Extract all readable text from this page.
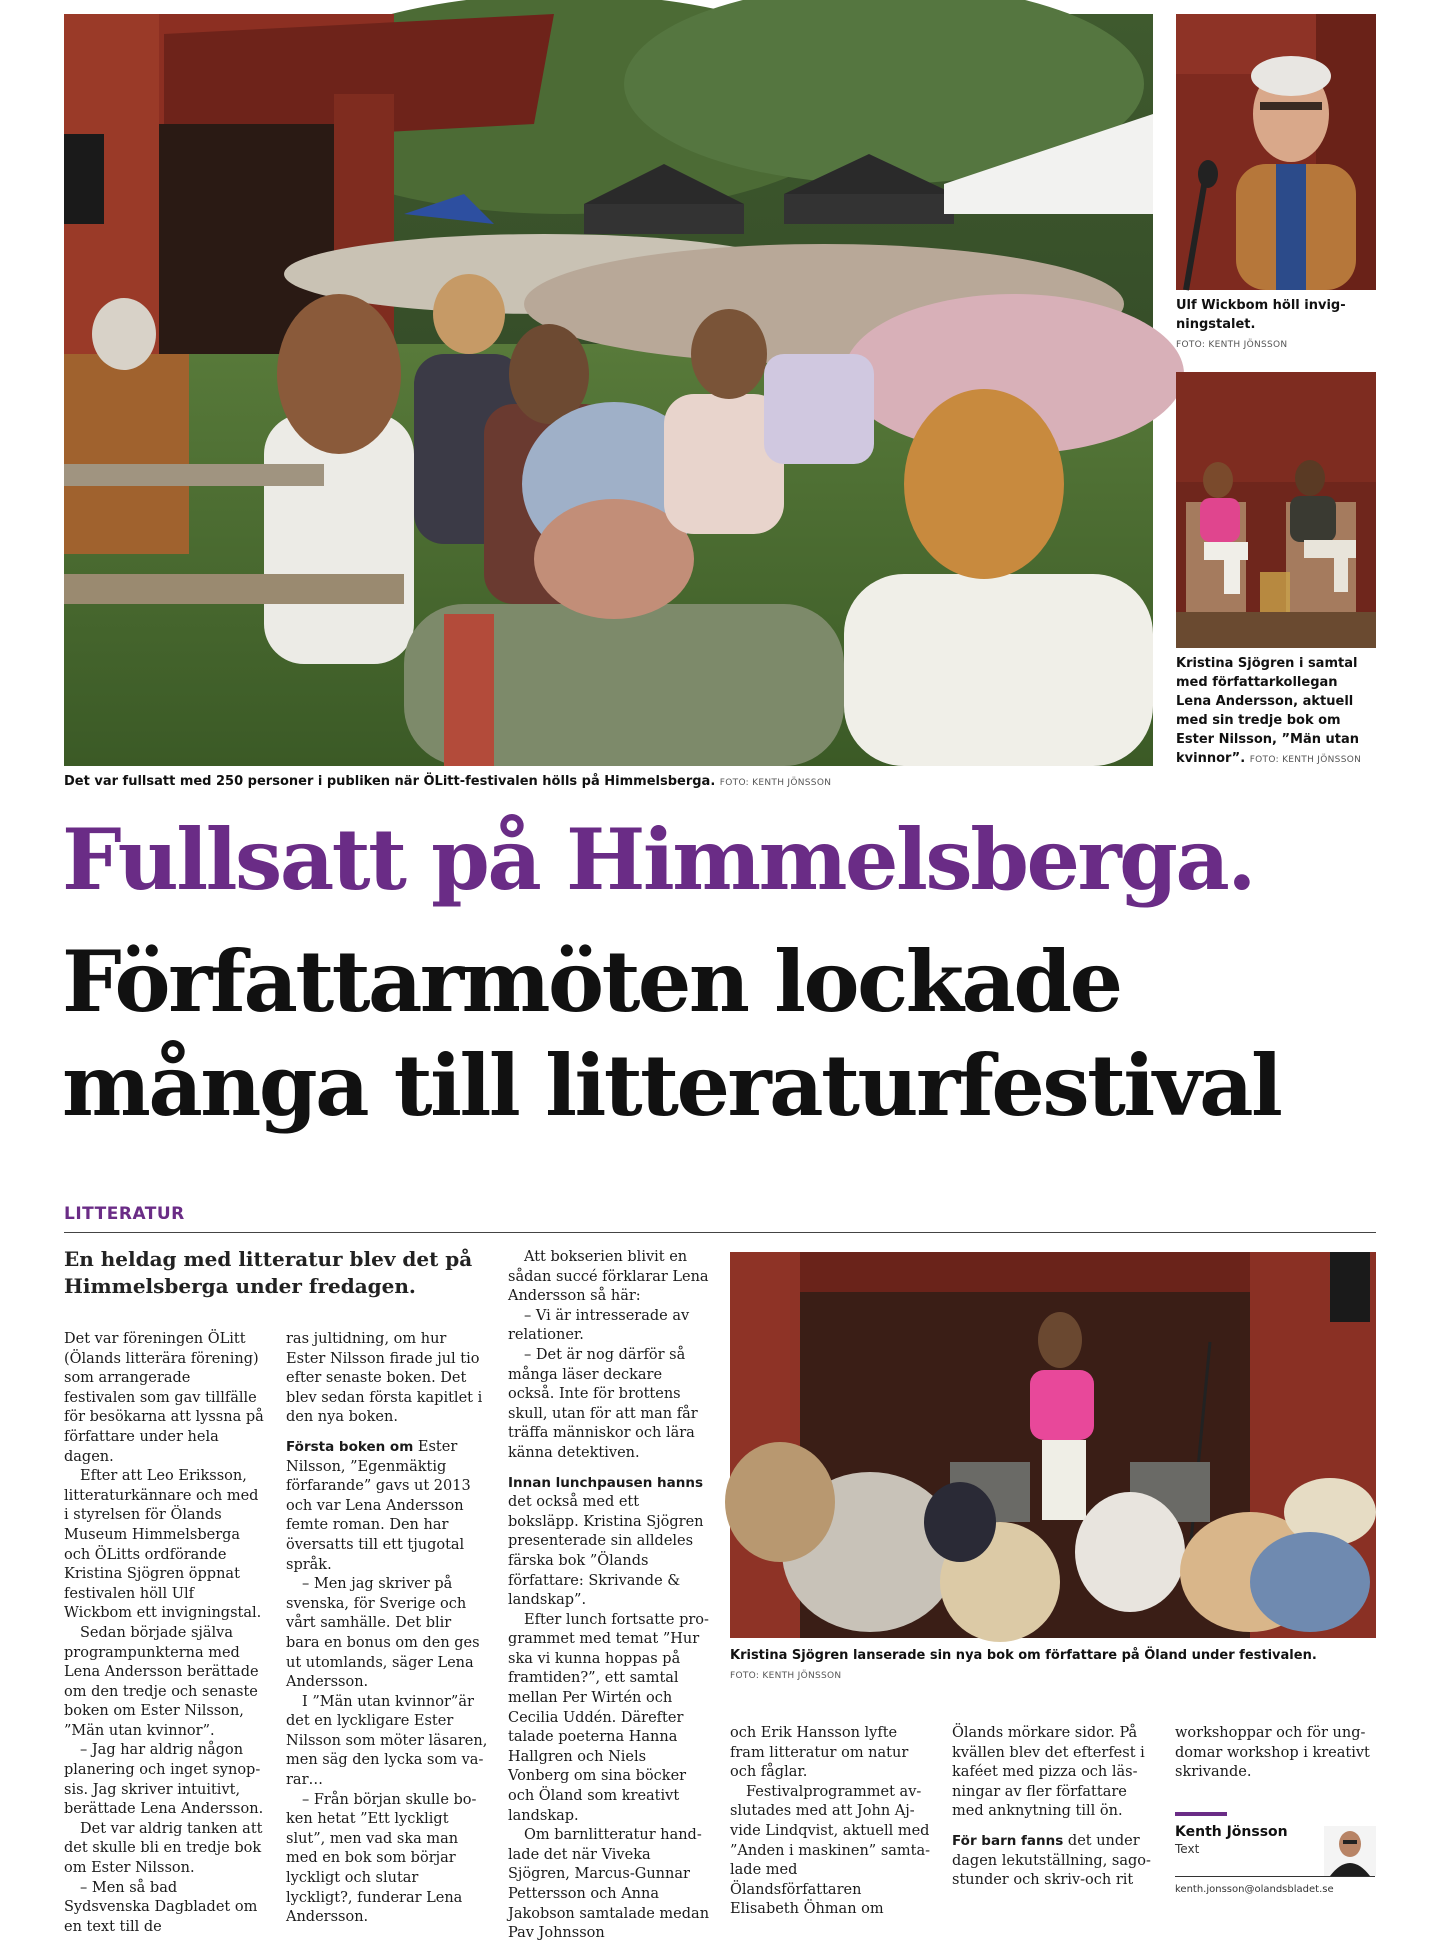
Ulf Wickbom höll invigningstalet.
FOTO: KENTH JÖNSSON
Kristina Sjögren i samtal med författarkollegan Lena Andersson, aktuell med sin tredje bok om Ester Nilsson, ”Män utan kvinnor”. FOTO: KENTH JÖNSSON
Det var fullsatt med 250 personer i publiken när ÖLitt-festivalen hölls på Himmelsberga. FOTO: KENTH JÖNSSON
Fullsatt på Himmelsberga.
Författarmöten lockade
många till litteraturfestival
LITTERATUR
En heldag med litteratur blev det på Himmelsberga under fredagen.

Det var föreningen ÖLitt (Ölands litterära förening) som arrangerade festivalen som gav tillfälle för besökarna att lyssna på författare under hela dagen.

Efter att Leo Eriksson, litteraturkännare och med i styrelsen för Ölands Museum Himmelsberga och ÖLitts ordförande Kristina Sjögren öppnat festivalen höll Ulf Wickbom ett invigningstal.

Sedan började själva programpunkterna med Lena Andersson berättade om den tredje och senaste boken om Ester Nilsson, ”Män utan kvinnor”.

– Jag har aldrig någon planering och inget synopsis. Jag skriver intuitivt, berättade Lena Andersson.

Det var aldrig tanken att det skulle bli en tredje bok om Ester Nilsson.

– Men så bad Sydsvenska Dagbladet om en text till de

ras jultidning, om hur Ester Nilsson firade jul tio efter senaste boken. Det blev sedan första kapitlet i den nya boken.

Första boken om Ester Nilsson, ”Egenmäktig förfarande” gavs ut 2013 och var Lena Andersson femte roman. Den har översatts till ett tjugotal språk.

– Men jag skriver på svenska, för Sverige och vårt samhälle. Det blir bara en bonus om den ges ut utomlands, säger Lena Andersson.

I ”Män utan kvinnor”är det en lyckligare Ester Nilsson som möter läsaren, men säg den lycka som varar…

– Från början skulle boken hetat ”Ett lyckligt slut”, men vad ska man med en bok som börjar lyckligt och slutar lyckligt?, funderar Lena Andersson.

Att bokserien blivit en sådan succé förklarar Lena Andersson så här:

– Vi är intresserade av relationer.

– Det är nog därför så många läser deckare också. Inte för brottens skull, utan för att man får träffa människor och lära känna detektiven.

Innan lunchpausen hanns det också med ett boksläpp. Kristina Sjögren presenterade sin alldeles färska bok ”Ölands författare: Skrivande & landskap”.

Efter lunch fortsatte programmet med temat ”Hur ska vi kunna hoppas på framtiden?”, ett samtal mellan Per Wirtén och Cecilia Uddén. Därefter talade poeterna Hanna Hallgren och Niels Vonberg om sina böcker och Öland som kreativt landskap.

Om barnlitteratur handlade det när Viveka Sjögren, Marcus-Gunnar Pettersson och Anna Jakobson samtalade medan Pav Johnsson

Kristina Sjögren lanserade sin nya bok om författare på Öland under festivalen.
FOTO: KENTH JÖNSSON

och Erik Hansson lyfte fram litteratur om natur och fåglar.

Festivalprogrammet avslutades med att John Ajvide Lindqvist, aktuell med ”Anden i maskinen” samtalade med Ölandsförfattaren Elisabeth Öhman om

Ölands mörkare sidor. På kvällen blev det efterfest i kaféet med pizza och läsningar av fler författare med anknytning till ön.

För barn fanns det under dagen lekutställning, sagostunder och skriv-och rit

workshoppar och för ungdomar workshop i kreativt skrivande.

Kenth Jönsson
Text
kenth.jonsson@olandsbladet.se
